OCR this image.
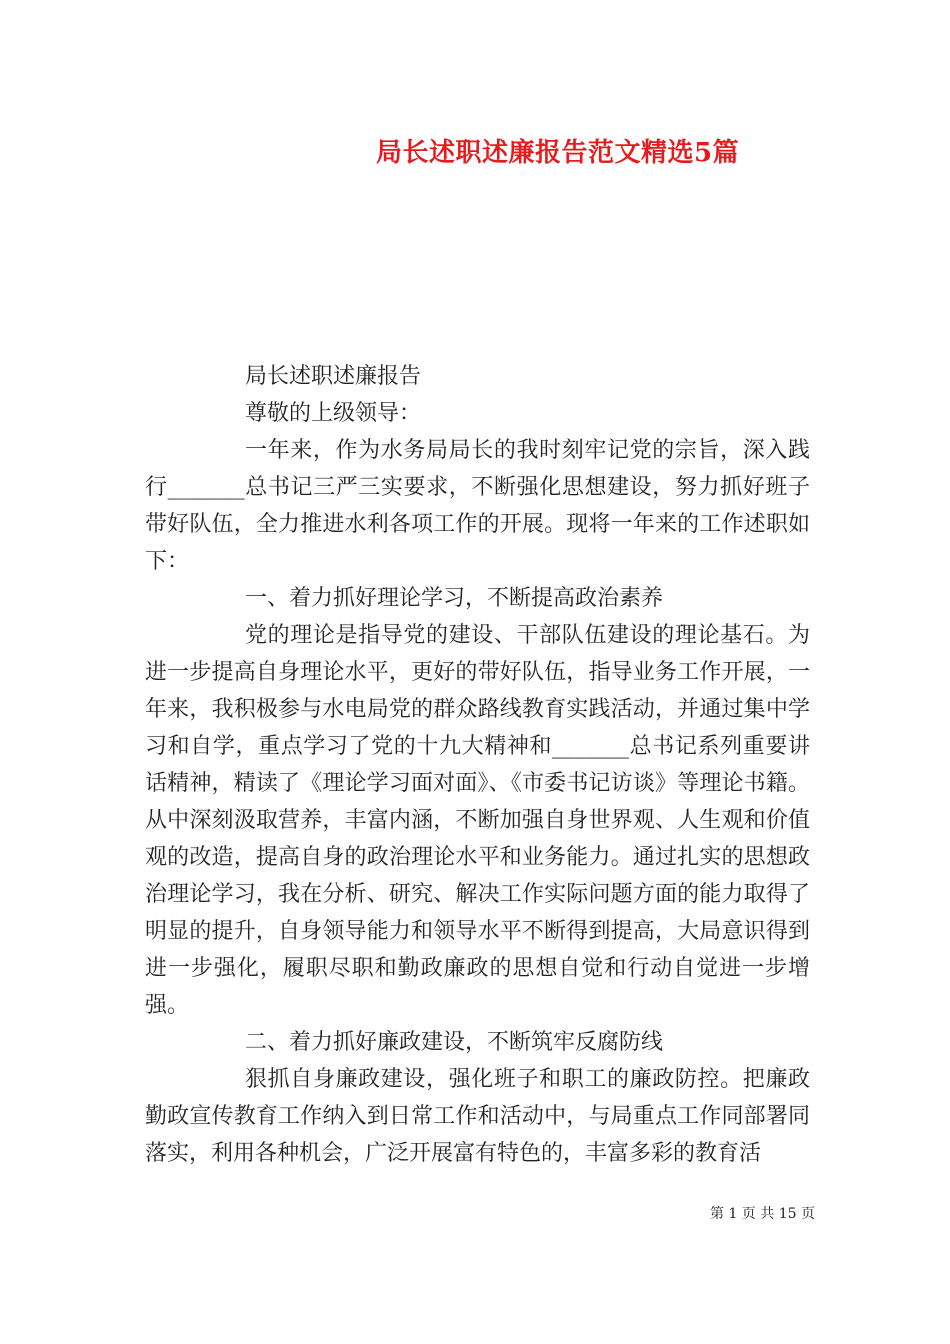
局长述职述廉报告范文精选5篇

局长述职述廉报告

尊敬的上级领导：

一年来，作为水务局局长的我时刻牢记党的宗旨，深入践行_______总书记三严三实要求，不断强化思想建设，努力抓好班子带好队伍，全力推进水利各项工作的开展。现将一年来的工作述职如下：

一、着力抓好理论学习，不断提高政治素养

党的理论是指导党的建设、干部队伍建设的理论基石。为进一步提高自身理论水平，更好的带好队伍，指导业务工作开展，一年来，我积极参与水电局党的群众路线教育实践活动，并通过集中学习和自学，重点学习了党的十九大精神和_______总书记系列重要讲话精神，精读了《理论学习面对面》、《市委书记访谈》等理论书籍。从中深刻汲取营养，丰富内涵，不断加强自身世界观、人生观和价值观的改造，提高自身的政治理论水平和业务能力。通过扎实的思想政治理论学习，我在分析、研究、解决工作实际问题方面的能力取得了明显的提升，自身领导能力和领导水平不断得到提高，大局意识得到进一步强化，履职尽职和勤政廉政的思想自觉和行动自觉进一步增强。

二、着力抓好廉政建设，不断筑牢反腐防线

狠抓自身廉政建设，强化班子和职工的廉政防控。把廉政勤政宣传教育工作纳入到日常工作和活动中，与局重点工作同部署同落实，利用各种机会，广泛开展富有特色的，丰富多彩的教育活

第 1 页 共 15 页
